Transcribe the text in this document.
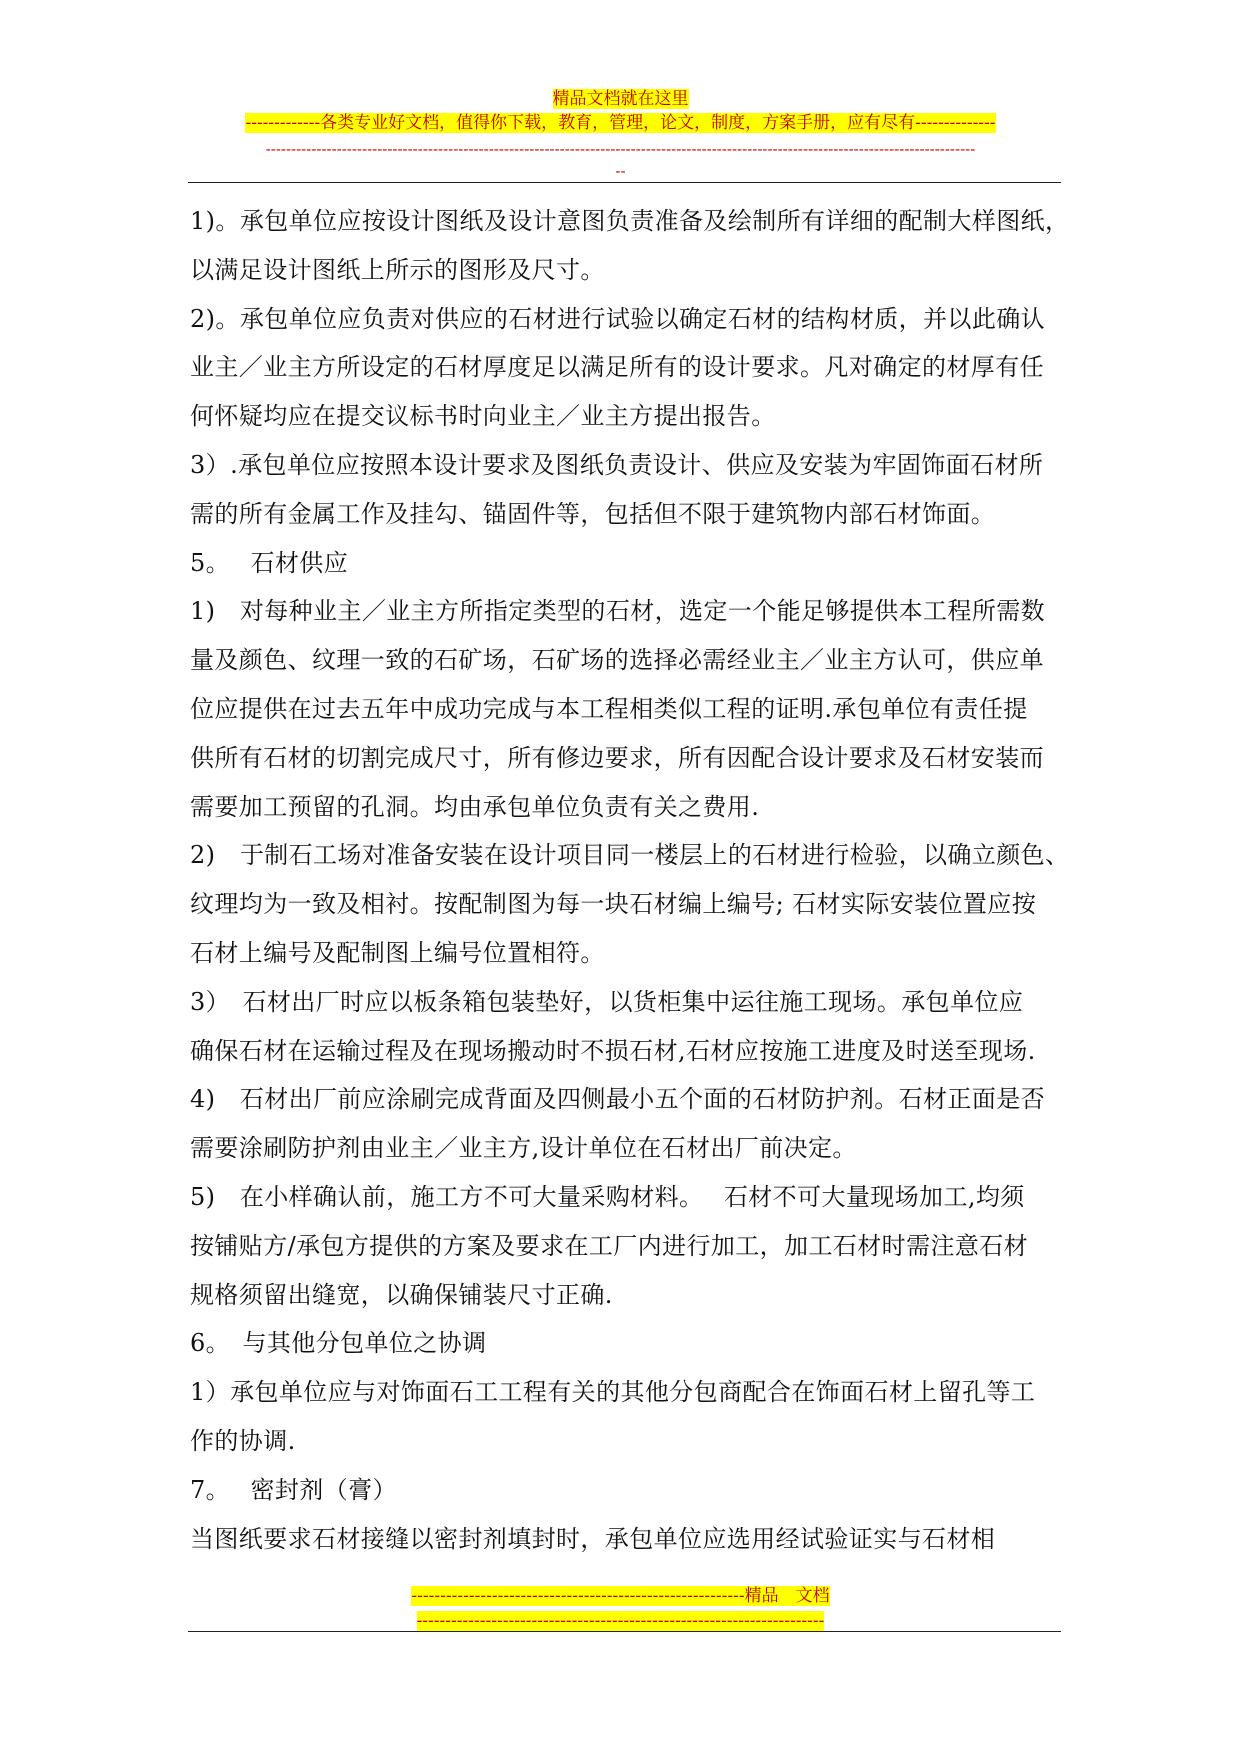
精品文档就在这里
-------------各类专业好文档，值得你下载，教育，管理，论文，制度，方案手册，应有尽有--------------
--------------------------------------------------------------------------------------------------------------------------------------------
--

1)。承包单位应按设计图纸及设计意图负责准备及绘制所有详细的配制大样图纸，

以满足设计图纸上所示的图形及尺寸。

2)。承包单位应负责对供应的石材进行试验以确定石材的结构材质，并以此确认

业主／业主方所设定的石材厚度足以满足所有的设计要求。凡对确定的材厚有任

何怀疑均应在提交议标书时向业主／业主方提出报告。

3）.承包单位应按照本设计要求及图纸负责设计、供应及安装为牢固饰面石材所

需的所有金属工作及挂勾、锚固件等，包括但不限于建筑物内部石材饰面。

5。　 石材供应

1)　对每种业主／业主方所指定类型的石材，选定一个能足够提供本工程所需数

量及颜色、纹理一致的石矿场，石矿场的选择必需经业主／业主方认可，供应单

位应提供在过去五年中成功完成与本工程相类似工程的证明.承包单位有责任提

供所有石材的切割完成尺寸，所有修边要求，所有因配合设计要求及石材安装而

需要加工预留的孔洞。均由承包单位负责有关之费用.

2)　于制石工场对准备安装在设计项目同一楼层上的石材进行检验，以确立颜色、

纹理均为一致及相衬。按配制图为每一块石材编上编号; 石材实际安装位置应按

石材上编号及配制图上编号位置相符。

3）　石材出厂时应以板条箱包装垫好，以货柜集中运往施工现场。承包单位应

确保石材在运输过程及在现场搬动时不损石材,石材应按施工进度及时送至现场.

4)　石材出厂前应涂刷完成背面及四侧最小五个面的石材防护剂。石材正面是否

需要涂刷防护剂由业主／业主方,设计单位在石材出厂前决定。

5)　在小样确认前，施工方不可大量采购材料。　 石材不可大量现场加工,均须

按铺贴方/承包方提供的方案及要求在工厂内进行加工，加工石材时需注意石材

规格须留出缝宽，以确保铺装尺寸正确.

6。　与其他分包单位之协调

1）承包单位应与对饰面石工工程有关的其他分包商配合在饰面石材上留孔等工

作的协调.

7。　 密封剂（膏）

当图纸要求石材接缝以密封剂填封时，承包单位应选用经试验证实与石材相

----------------------------------------------------------精品　文档
-----------------------------------------------------------------------
